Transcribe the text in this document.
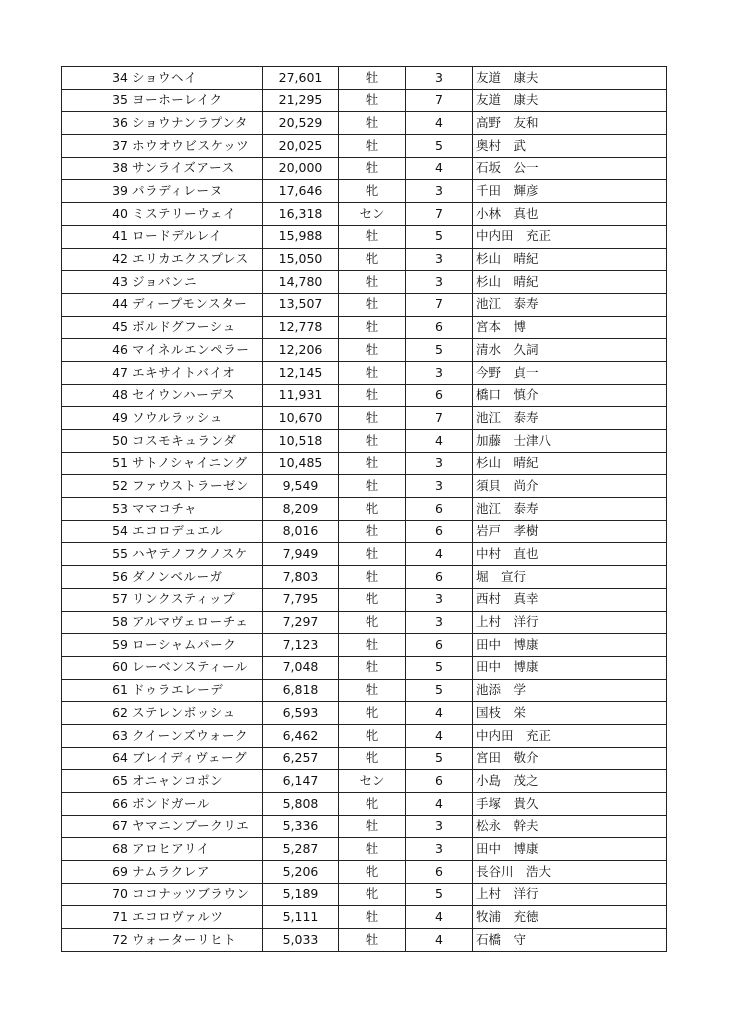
34	ショウヘイ	27,601	牡	3	友道　康夫
35	ヨーホーレイク	21,295	牡	7	友道　康夫
36	ショウナンラプンタ	20,529	牡	4	高野　友和
37	ホウオウビスケッツ	20,025	牡	5	奥村　武
38	サンライズアース	20,000	牡	4	石坂　公一
39	パラディレーヌ	17,646	牝	3	千田　輝彦
40	ミステリーウェイ	16,318	セン	7	小林　真也
41	ロードデルレイ	15,988	牡	5	中内田　充正
42	エリカエクスプレス	15,050	牝	3	杉山　晴紀
43	ジョバンニ	14,780	牡	3	杉山　晴紀
44	ディープモンスター	13,507	牡	7	池江　泰寿
45	ボルドグフーシュ	12,778	牡	6	宮本　博
46	マイネルエンペラー	12,206	牡	5	清水　久詞
47	エキサイトバイオ	12,145	牡	3	今野　貞一
48	セイウンハーデス	11,931	牡	6	橋口　慎介
49	ソウルラッシュ	10,670	牡	7	池江　泰寿
50	コスモキュランダ	10,518	牡	4	加藤　士津八
51	サトノシャイニング	10,485	牡	3	杉山　晴紀
52	ファウストラーゼン	9,549	牡	3	須貝　尚介
53	ママコチャ	8,209	牝	6	池江　泰寿
54	エコロデュエル	8,016	牡	6	岩戸　孝樹
55	ハヤテノフクノスケ	7,949	牡	4	中村　直也
56	ダノンベルーガ	7,803	牡	6	堀　宣行
57	リンクスティップ	7,795	牝	3	西村　真幸
58	アルマヴェローチェ	7,297	牝	3	上村　洋行
59	ローシャムパーク	7,123	牡	6	田中　博康
60	レーベンスティール	7,048	牡	5	田中　博康
61	ドゥラエレーデ	6,818	牡	5	池添　学
62	ステレンボッシュ	6,593	牝	4	国枝　栄
63	クイーンズウォーク	6,462	牝	4	中内田　充正
64	ブレイディヴェーグ	6,257	牝	5	宮田　敬介
65	オニャンコポン	6,147	セン	6	小島　茂之
66	ボンドガール	5,808	牝	4	手塚　貴久
67	ヤマニンブークリエ	5,336	牡	3	松永　幹夫
68	アロヒアリイ	5,287	牡	3	田中　博康
69	ナムラクレア	5,206	牝	6	長谷川　浩大
70	ココナッツブラウン	5,189	牝	5	上村　洋行
71	エコロヴァルツ	5,111	牡	4	牧浦　充徳
72	ウォーターリヒト	5,033	牡	4	石橋　守
